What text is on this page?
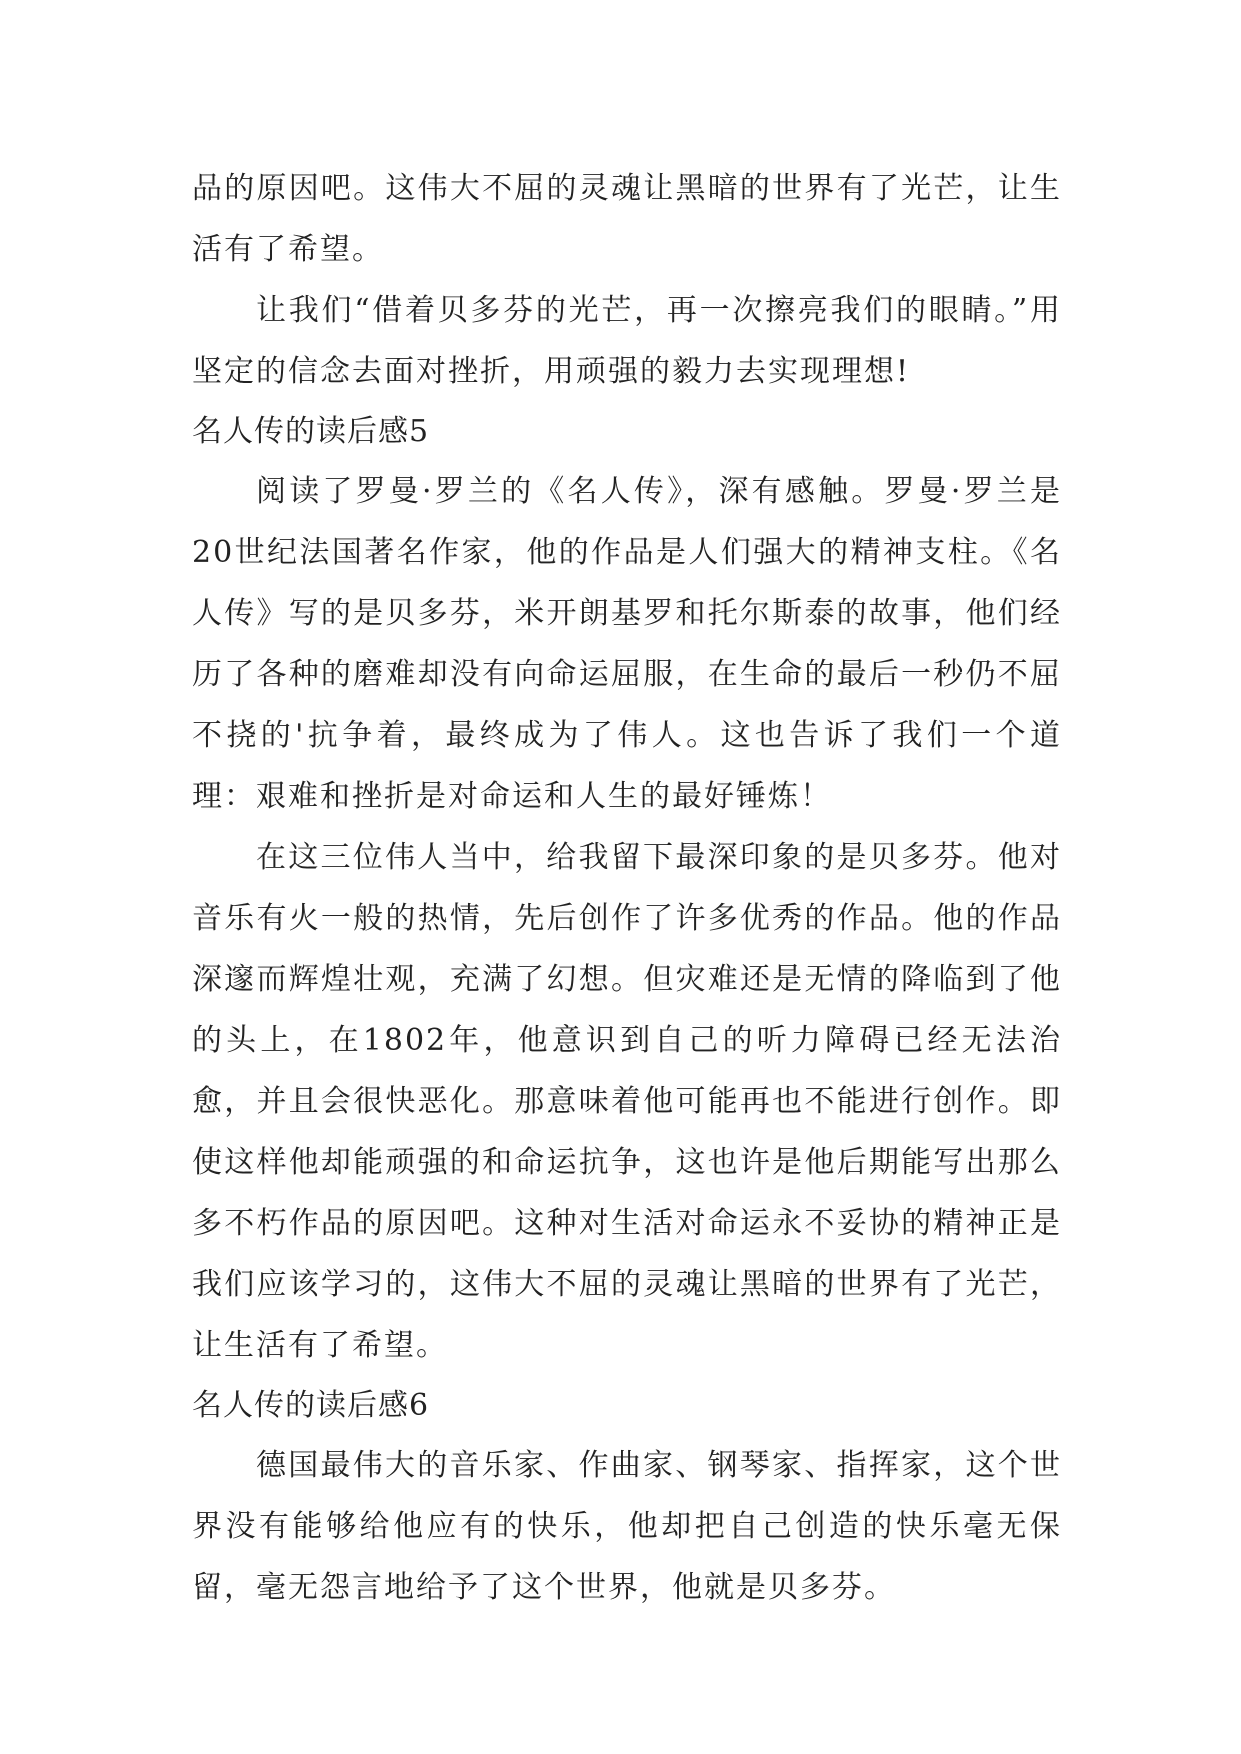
品的原因吧。这伟大不屈的灵魂让黑暗的世界有了光芒，让生活有了希望。

让我们“借着贝多芬的光芒，再一次擦亮我们的眼睛。”用坚定的信念去面对挫折，用顽强的毅力去实现理想!

名人传的读后感5

阅读了罗曼·罗兰的《名人传》，深有感触。罗曼·罗兰是20世纪法国著名作家，他的作品是人们强大的精神支柱。《名人传》写的是贝多芬，米开朗基罗和托尔斯泰的故事，他们经历了各种的磨难却没有向命运屈服，在生命的最后一秒仍不屈不挠的'抗争着，最终成为了伟人。这也告诉了我们一个道理：艰难和挫折是对命运和人生的最好锤炼！

在这三位伟人当中，给我留下最深印象的是贝多芬。他对音乐有火一般的热情，先后创作了许多优秀的作品。他的作品深邃而辉煌壮观，充满了幻想。但灾难还是无情的降临到了他的头上，在1802年，他意识到自己的听力障碍已经无法治愈，并且会很快恶化。那意味着他可能再也不能进行创作。即使这样他却能顽强的和命运抗争，这也许是他后期能写出那么多不朽作品的原因吧。这种对生活对命运永不妥协的精神正是我们应该学习的，这伟大不屈的灵魂让黑暗的世界有了光芒，让生活有了希望。

名人传的读后感6

德国最伟大的音乐家、作曲家、钢琴家、指挥家，这个世界没有能够给他应有的快乐，他却把自己创造的快乐毫无保留，毫无怨言地给予了这个世界，他就是贝多芬。
